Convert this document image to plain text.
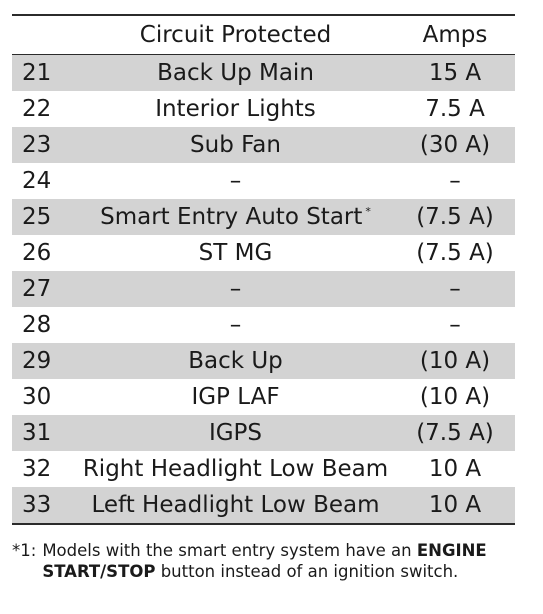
Circuit Protected	Amps
21	Back Up Main	15 A
22	Interior Lights	7.5 A
23	Sub Fan	(30 A)
24	–	–
25	Smart Entry Auto Start *	(7.5 A)
26	ST MG	(7.5 A)
27	–	–
28	–	–
29	Back Up	(10 A)
30	IGP LAF	(10 A)
31	IGPS	(7.5 A)
32	Right Headlight Low Beam	10 A
33	Left Headlight Low Beam	10 A
*1: Models with the smart entry system have an ENGINE START/STOP button instead of an ignition switch.
